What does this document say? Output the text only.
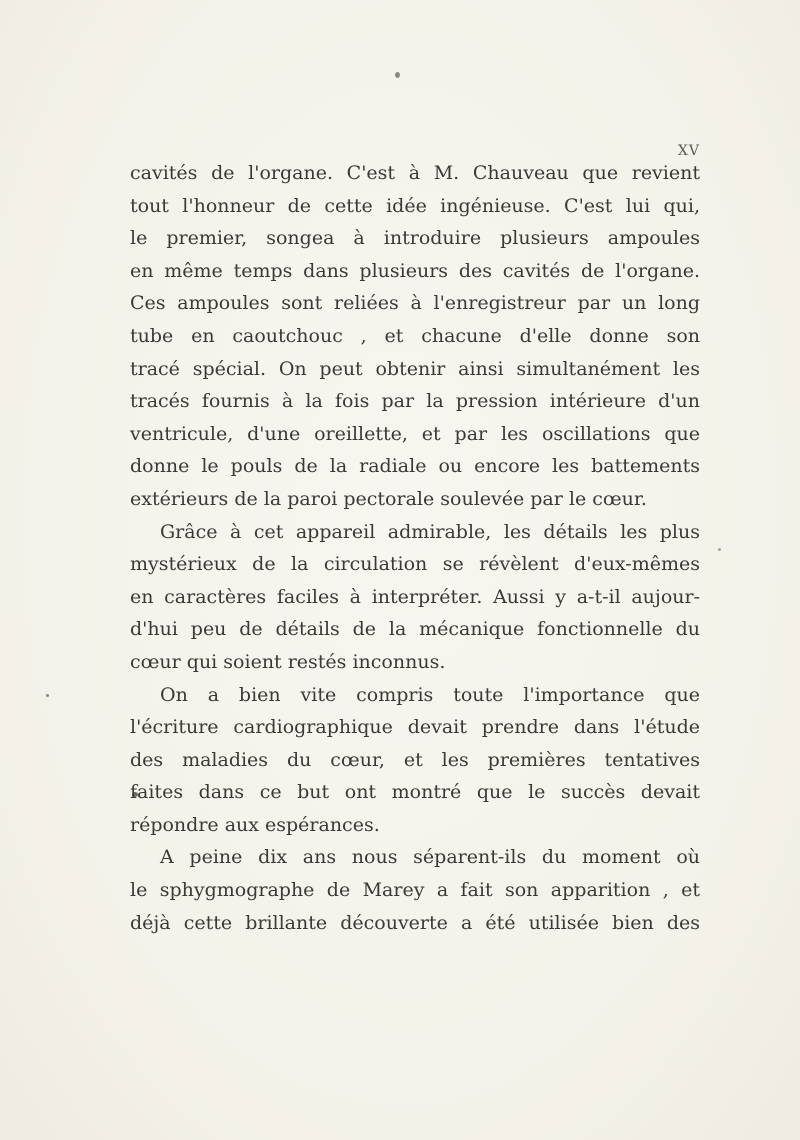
XV
cavités de l'organe. C'est à M. Chauveau que revient
tout l'honneur de cette idée ingénieuse. C'est lui qui,
le premier, songea à introduire plusieurs ampoules
en même temps dans plusieurs des cavités de l'organe.
Ces ampoules sont reliées à l'enregistreur par un long
tube en caoutchouc , et chacune d'elle donne son
tracé spécial. On peut obtenir ainsi simultanément les
tracés fournis à la fois par la pression intérieure d'un
ventricule, d'une oreillette, et par les oscillations que
donne le pouls de la radiale ou encore les battements
extérieurs de la paroi pectorale soulevée par le cœur.
Grâce à cet appareil admirable, les détails les plus
mystérieux de la circulation se révèlent d'eux-mêmes
en caractères faciles à interpréter. Aussi y a-t-il aujour-
d'hui peu de détails de la mécanique fonctionnelle du
cœur qui soient restés inconnus.
On a bien vite compris toute l'importance que
l'écriture cardiographique devait prendre dans l'étude
des maladies du cœur, et les premières tentatives
faites dans ce but ont montré que le succès devait
répondre aux espérances.
A peine dix ans nous séparent-ils du moment où
le sphygmographe de Marey a fait son apparition , et
déjà cette brillante découverte a été utilisée bien des
